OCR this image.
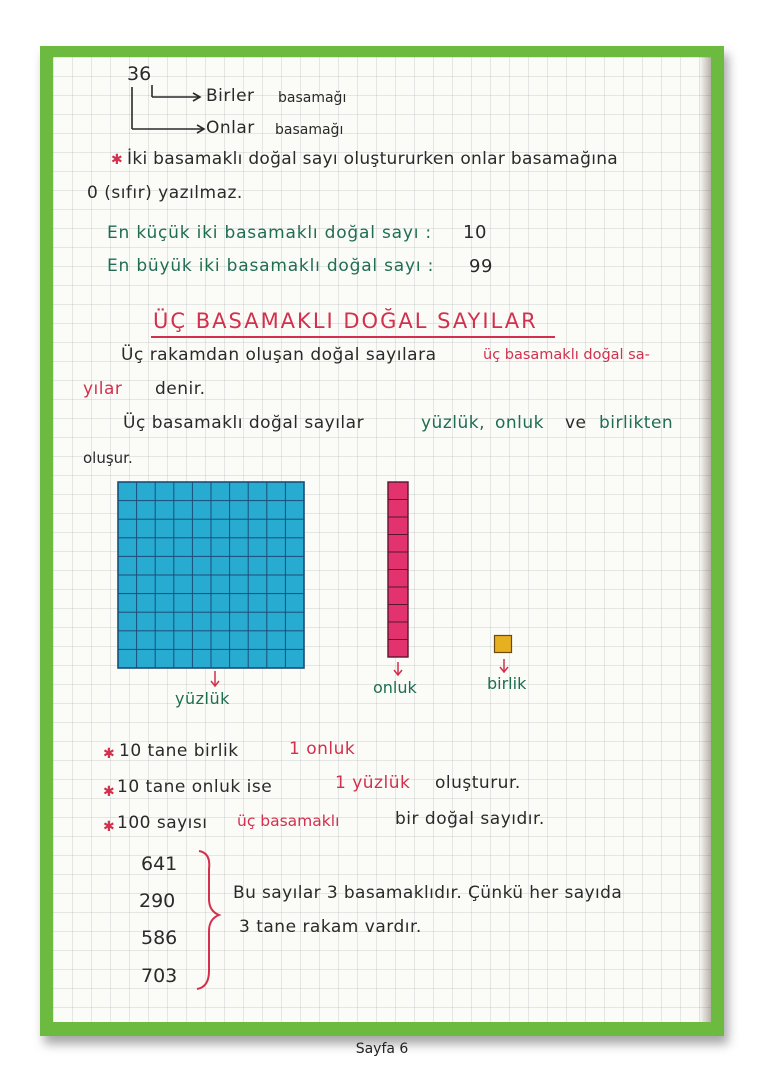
36
Birler basamağı
Onlar basamağı
✱ İki basamaklı doğal sayı oluştururken onlar basamağına
0 (sıfır) yazılmaz.
En küçük iki basamaklı doğal sayı : 10
En büyük iki basamaklı doğal sayı : 99
ÜÇ BASAMAKLI DOĞAL SAYILAR
Üç rakamdan oluşan doğal sayılara	üç basamaklı doğal sa-
yılar denir.
Üç basamaklı doğal sayılar	yüzlük, onluk ve birlikten
oluşur.
yüzlük
onluk	birlik
✱ 10 tane birlik	1 onluk
✱ 10 tane onluk ise	1 yüzlük oluşturur.
✱ 100 sayısı üç basamaklı	bir doğal sayıdır.
641
290
586
703
Bu sayılar 3 basamaklıdır. Çünkü her sayıda
3 tane rakam vardır.
Sayfa 6
